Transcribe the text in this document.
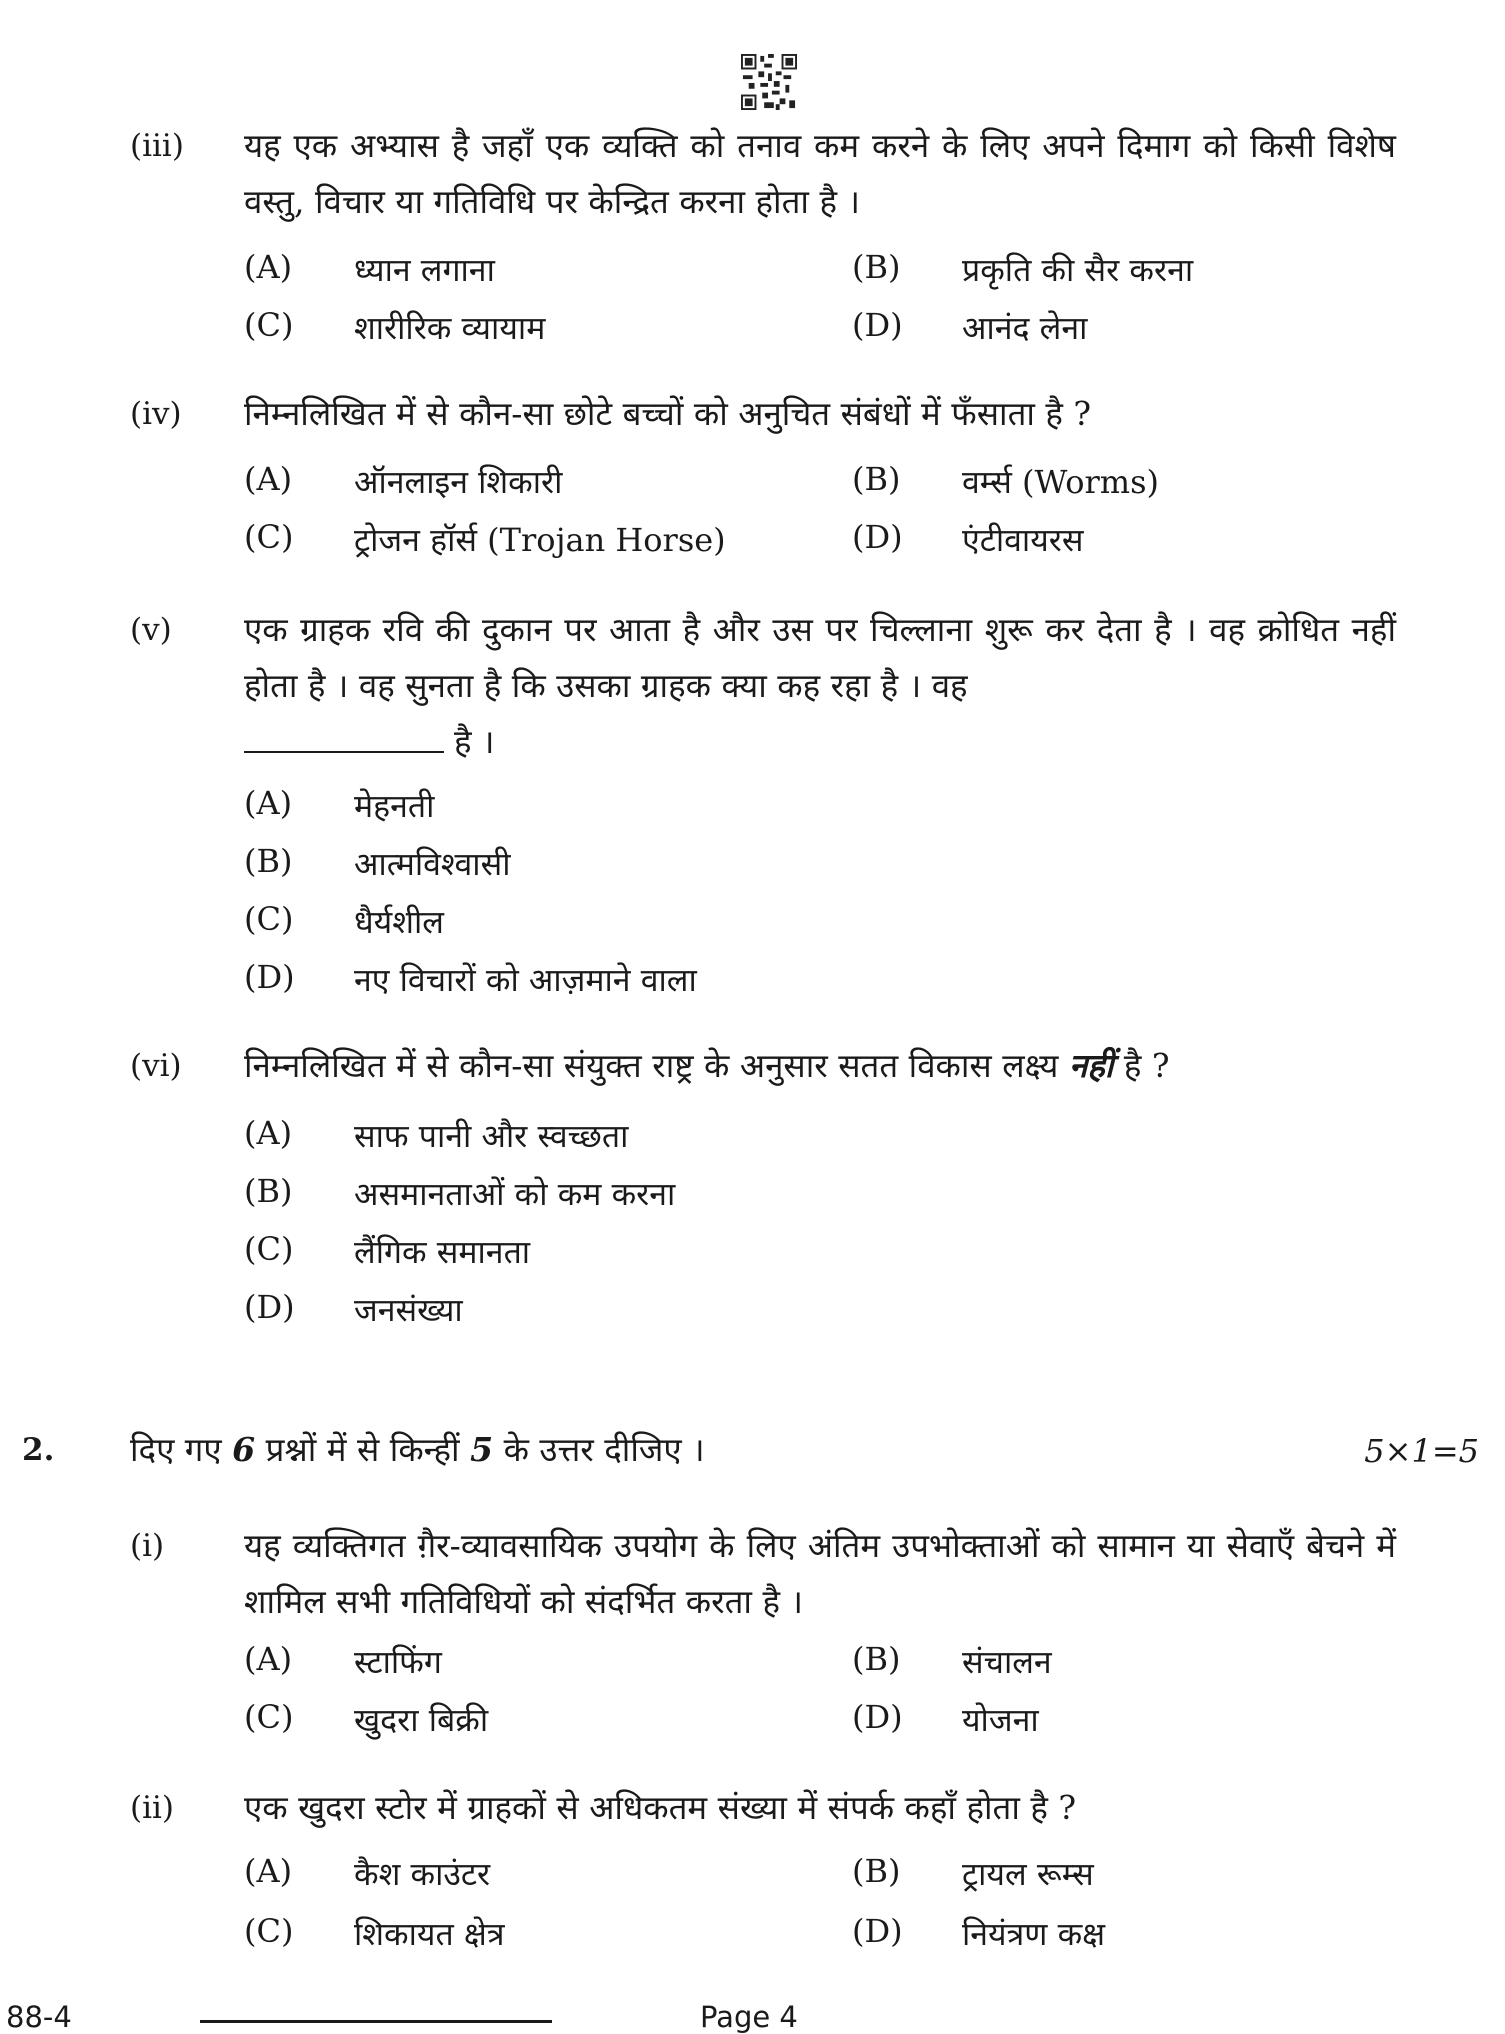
(iii) यह एक अभ्यास है जहाँ एक व्यक्ति को तनाव कम करने के लिए अपने दिमाग को किसी विशेष वस्तु, विचार या गतिविधि पर केन्द्रित करना होता है ।
(A) ध्यान लगाना	(B) प्रकृति की सैर करना
(C) शारीरिक व्यायाम	(D) आनंद लेना
(iv) निम्नलिखित में से कौन-सा छोटे बच्चों को अनुचित संबंधों में फँसाता है ?
(A) ऑनलाइन शिकारी	(B) वर्म्स (Worms)
(C) ट्रोजन हॉर्स (Trojan Horse)	(D) एंटीवायरस
(v) एक ग्राहक रवि की दुकान पर आता है और उस पर चिल्लाना शुरू कर देता है । वह क्रोधित नहीं होता है । वह सुनता है कि उसका ग्राहक क्या कह रहा है । वह
है ।
(A) मेहनती
(B) आत्मविश्वासी
(C) धैर्यशील
(D) नए विचारों को आज़माने वाला
(vi) निम्नलिखित में से कौन-सा संयुक्त राष्ट्र के अनुसार सतत विकास लक्ष्य नहीं है ?
(A) साफ पानी और स्वच्छता
(B) असमानताओं को कम करना
(C) लैंगिक समानता
(D) जनसंख्या
2. दिए गए 6 प्रश्नों में से किन्हीं 5 के उत्तर दीजिए ।	5×1=5
(i) यह व्यक्तिगत ग़ैर-व्यावसायिक उपयोग के लिए अंतिम उपभोक्ताओं को सामान या सेवाएँ बेचने में शामिल सभी गतिविधियों को संदर्भित करता है ।
(A) स्टाफिंग	(B) संचालन
(C) खुदरा बिक्री	(D) योजना
(ii) एक खुदरा स्टोर में ग्राहकों से अधिकतम संख्या में संपर्क कहाँ होता है ?
(A) कैश काउंटर	(B) ट्रायल रूम्स
(C) शिकायत क्षेत्र	(D) नियंत्रण कक्ष
88-4	Page 4
